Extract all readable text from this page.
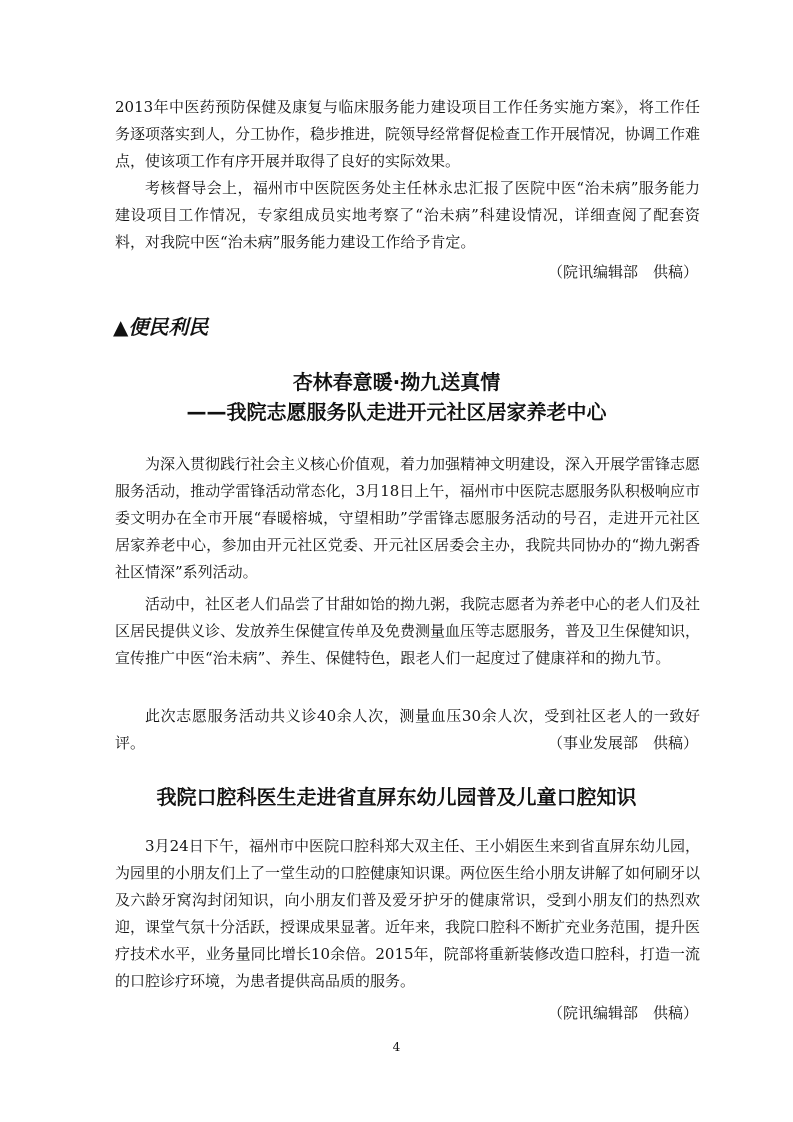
2013年中医药预防保健及康复与临床服务能力建设项目工作任务实施方案》，将工作任务逐项落实到人，分工协作，稳步推进，院领导经常督促检查工作开展情况，协调工作难点，使该项工作有序开展并取得了良好的实际效果。

考核督导会上，福州市中医院医务处主任林永忠汇报了医院中医“治未病”服务能力建设项目工作情况，专家组成员实地考察了“治未病”科建设情况，详细查阅了配套资料，对我院中医“治未病”服务能力建设工作给予肯定。

（院讯编辑部　供稿）

▲便民利民

杏林春意暖·拗九送真情

——我院志愿服务队走进开元社区居家养老中心

为深入贯彻践行社会主义核心价值观，着力加强精神文明建设，深入开展学雷锋志愿服务活动，推动学雷锋活动常态化，3月18日上午，福州市中医院志愿服务队积极响应市委文明办在全市开展“春暖榕城，守望相助”学雷锋志愿服务活动的号召，走进开元社区居家养老中心，参加由开元社区党委、开元社区居委会主办，我院共同协办的“拗九粥香社区情深”系列活动。

活动中，社区老人们品尝了甘甜如饴的拗九粥，我院志愿者为养老中心的老人们及社区居民提供义诊、发放养生保健宣传单及免费测量血压等志愿服务，普及卫生保健知识，宣传推广中医“治未病”、养生、保健特色，跟老人们一起度过了健康祥和的拗九节。

此次志愿服务活动共义诊40余人次，测量血压30余人次，受到社区老人的一致好评。	（事业发展部　供稿）

我院口腔科医生走进省直屏东幼儿园普及儿童口腔知识

3月24日下午，福州市中医院口腔科郑大双主任、王小娟医生来到省直屏东幼儿园，为园里的小朋友们上了一堂生动的口腔健康知识课。两位医生给小朋友讲解了如何刷牙以及六龄牙窝沟封闭知识，向小朋友们普及爱牙护牙的健康常识，受到小朋友们的热烈欢迎，课堂气氛十分活跃，授课成果显著。近年来，我院口腔科不断扩充业务范围，提升医疗技术水平，业务量同比增长10余倍。2015年，院部将重新装修改造口腔科，打造一流的口腔诊疗环境，为患者提供高品质的服务。

（院讯编辑部　供稿）

4
